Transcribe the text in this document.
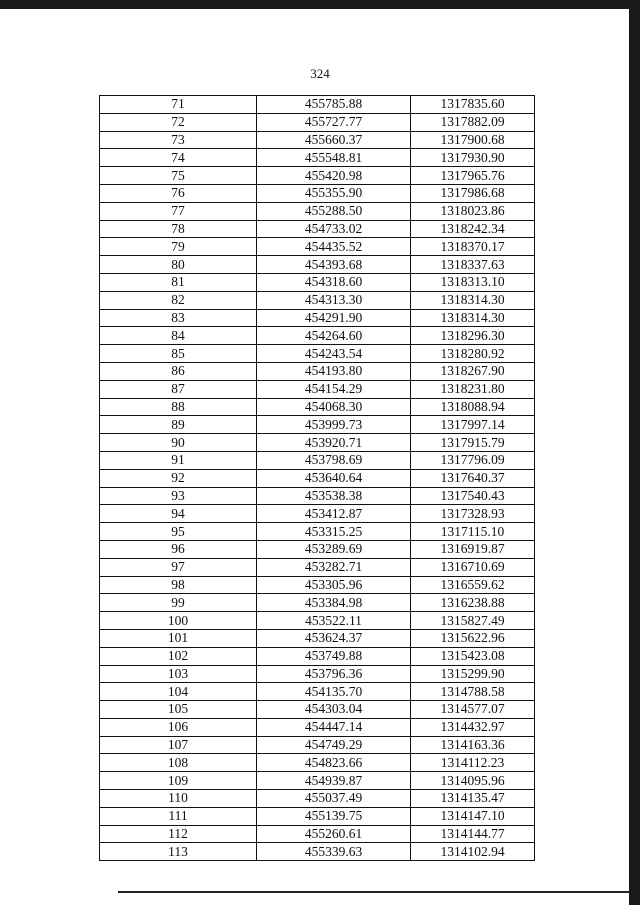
324
71	455785.88	1317835.60
72	455727.77	1317882.09
73	455660.37	1317900.68
74	455548.81	1317930.90
75	455420.98	1317965.76
76	455355.90	1317986.68
77	455288.50	1318023.86
78	454733.02	1318242.34
79	454435.52	1318370.17
80	454393.68	1318337.63
81	454318.60	1318313.10
82	454313.30	1318314.30
83	454291.90	1318314.30
84	454264.60	1318296.30
85	454243.54	1318280.92
86	454193.80	1318267.90
87	454154.29	1318231.80
88	454068.30	1318088.94
89	453999.73	1317997.14
90	453920.71	1317915.79
91	453798.69	1317796.09
92	453640.64	1317640.37
93	453538.38	1317540.43
94	453412.87	1317328.93
95	453315.25	1317115.10
96	453289.69	1316919.87
97	453282.71	1316710.69
98	453305.96	1316559.62
99	453384.98	1316238.88
100	453522.11	1315827.49
101	453624.37	1315622.96
102	453749.88	1315423.08
103	453796.36	1315299.90
104	454135.70	1314788.58
105	454303.04	1314577.07
106	454447.14	1314432.97
107	454749.29	1314163.36
108	454823.66	1314112.23
109	454939.87	1314095.96
110	455037.49	1314135.47
111	455139.75	1314147.10
112	455260.61	1314144.77
113	455339.63	1314102.94
